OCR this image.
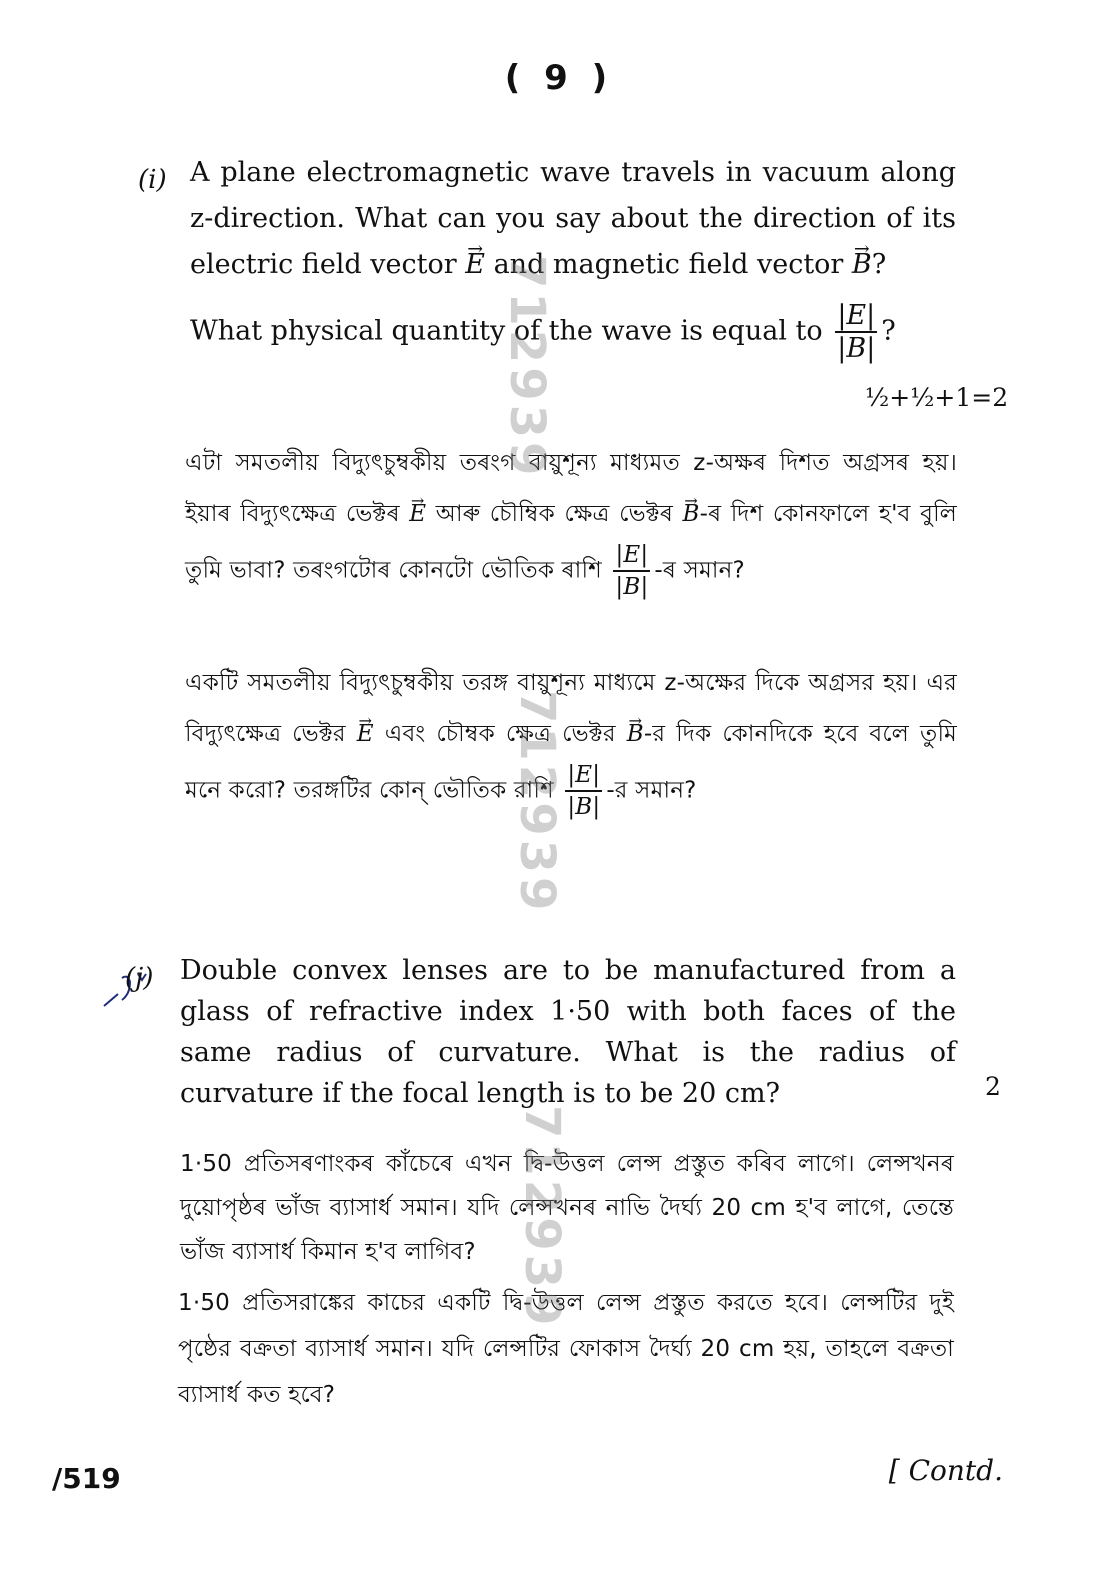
( 9 )
(i) A plane electromagnetic wave travels in vacuum along z-direction. What can you say about the direction of its electric field vector → E and magnetic field vector → B?
What physical quantity of the wave is equal to $\frac{|E|}{|B|}$ ?
½+½+1=2
এটা সমতলীয় বিদ্যুৎচুম্বকীয় তৰংগ বায়ুশূন্য মাধ্যমত z-অক্ষৰ দিশত অগ্ৰসৰ হয়। ইয়াৰ বিদ্যুৎক্ষেত্ৰ ভেক্টৰ → E আৰু চৌম্বিক ক্ষেত্ৰ ভেক্টৰ → B-ৰ দিশ কোনফালে হ'ব বুলি তুমি ভাবা? তৰংগটোৰ কোনটো ভৌতিক ৰাশি $\frac{|E|}{|B|}$ -ৰ সমান?
একটি সমতলীয় বিদ্যুৎচুম্বকীয় তরঙ্গ বায়ুশূন্য মাধ্যমে z-অক্ষের দিকে অগ্রসর হয়। এর বিদ্যুৎক্ষেত্র ভেক্টর → E এবং চৌম্বক ক্ষেত্র ভেক্টর → B-র দিক কোনদিকে হবে বলে তুমি মনে করো? তরঙ্গটির কোন্ ভৌতিক রাশি $\frac{|E|}{|B|}$ -র সমান?
(j) Double convex lenses are to be manufactured from a glass of refractive index 1·50 with both faces of the same radius of curvature. What is the radius of curvature if the focal length is to be 20 cm?	2
1·50 প্ৰতিসৰণাংকৰ কাঁচেৰে এখন দ্বি-উত্তল লেন্স প্ৰস্তুত কৰিব লাগে। লেন্সখনৰ দুয়োপৃষ্ঠৰ ভাঁজ ব্যাসাৰ্ধ সমান। যদি লেন্সখনৰ নাভি দৈৰ্ঘ্য 20 cm হ'ব লাগে, তেন্তে ভাঁজ ব্যাসাৰ্ধ কিমান হ'ব লাগিব?
1·50 প্রতিসরাঙ্কের কাচের একটি দ্বি-উত্তল লেন্স প্রস্তুত করতে হবে। লেন্সটির দুই পৃষ্ঠের বক্রতা ব্যাসার্ধ সমান। যদি লেন্সটির ফোকাস দৈর্ঘ্য 20 cm হয়, তাহলে বক্রতা ব্যাসার্ধ কত হবে?
712939
712939
712939
/519	[ Contd.
